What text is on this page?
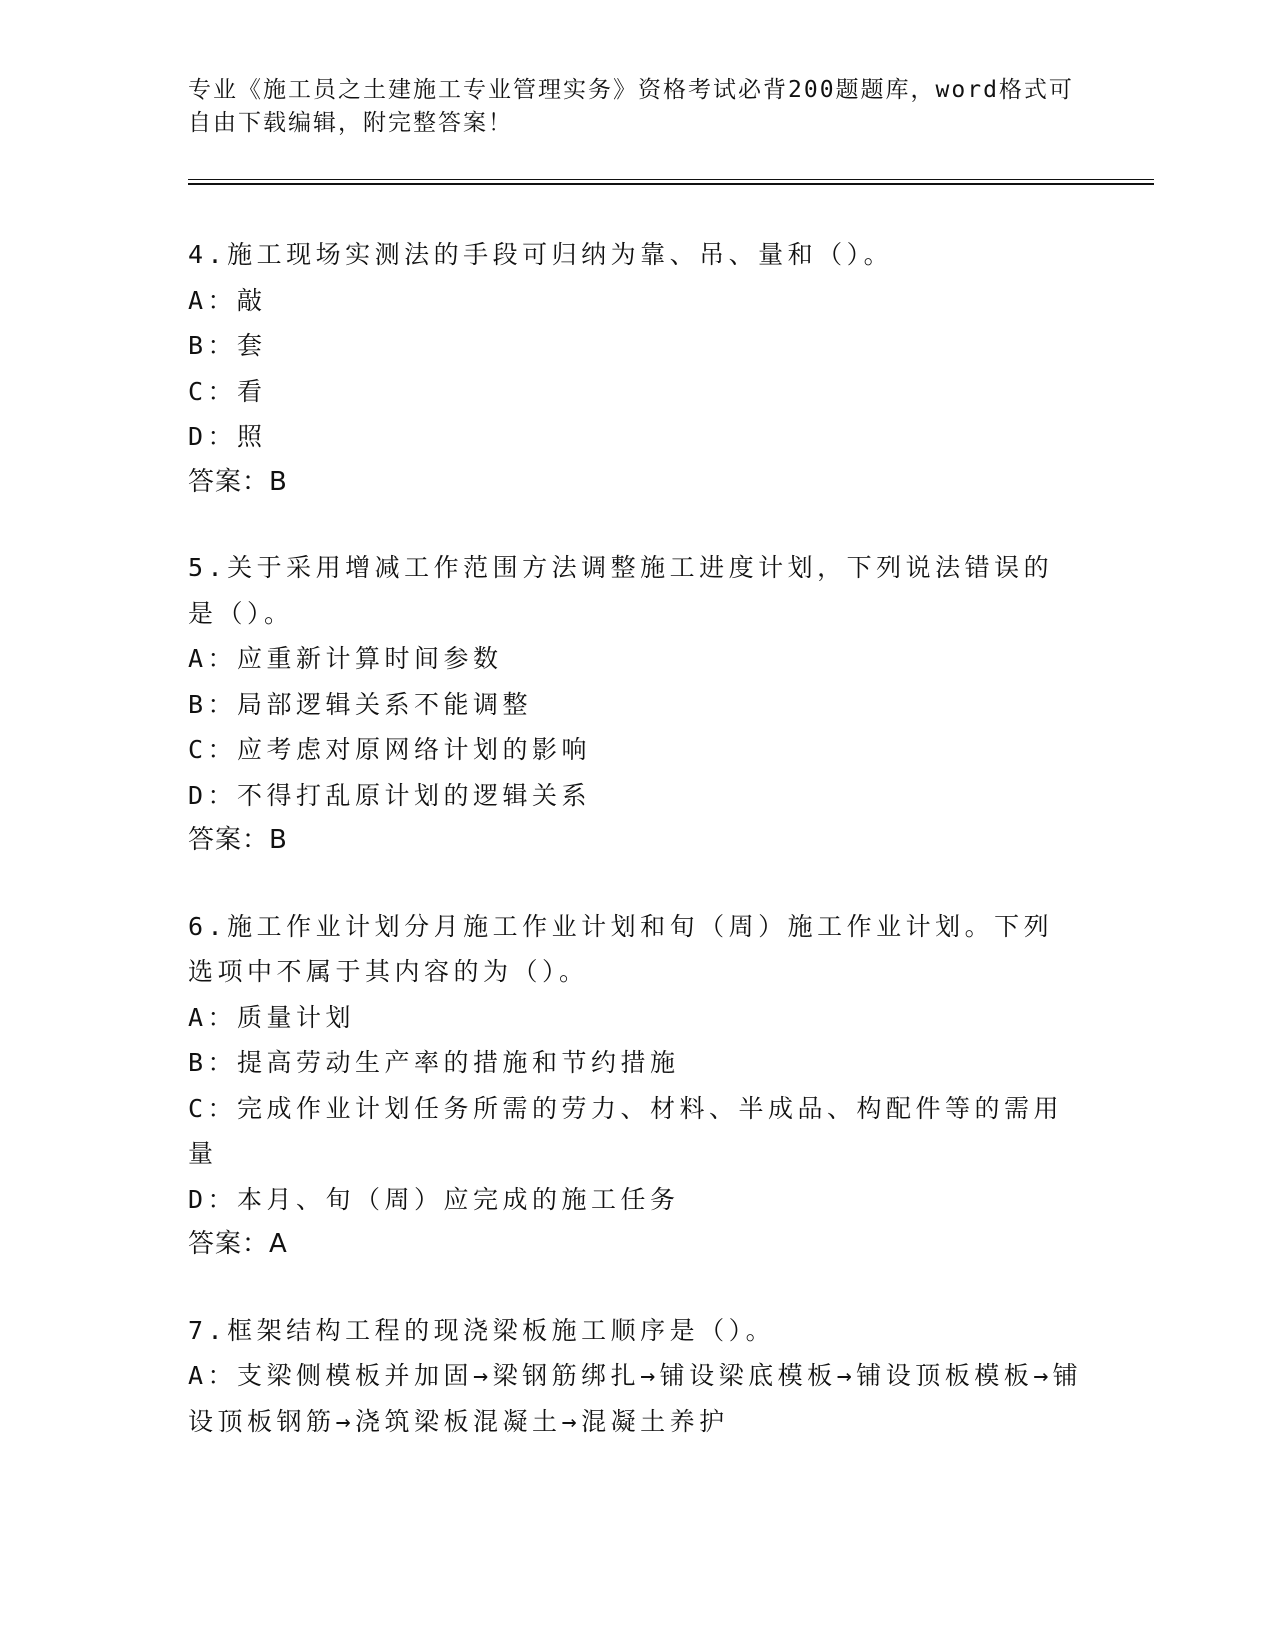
专业《施工员之土建施工专业管理实务》资格考试必背200题题库，word格式可自由下载编辑，附完整答案！
4.施工现场实测法的手段可归纳为靠、吊、量和（）。
A：敲
B：套
C：看
D：照
答案：B
5.关于采用增减工作范围方法调整施工进度计划，下列说法错误的是（）。
A：应重新计算时间参数
B：局部逻辑关系不能调整
C：应考虑对原网络计划的影响
D：不得打乱原计划的逻辑关系
答案：B
6.施工作业计划分月施工作业计划和旬（周）施工作业计划。下列选项中不属于其内容的为（）。
A：质量计划
B：提高劳动生产率的措施和节约措施
C：完成作业计划任务所需的劳力、材料、半成品、构配件等的需用量
D：本月、旬（周）应完成的施工任务
答案：A
7.框架结构工程的现浇梁板施工顺序是（）。
A：支梁侧模板并加固→梁钢筋绑扎→铺设梁底模板→铺设顶板模板→铺设顶板钢筋→浇筑梁板混凝土→混凝土养护
